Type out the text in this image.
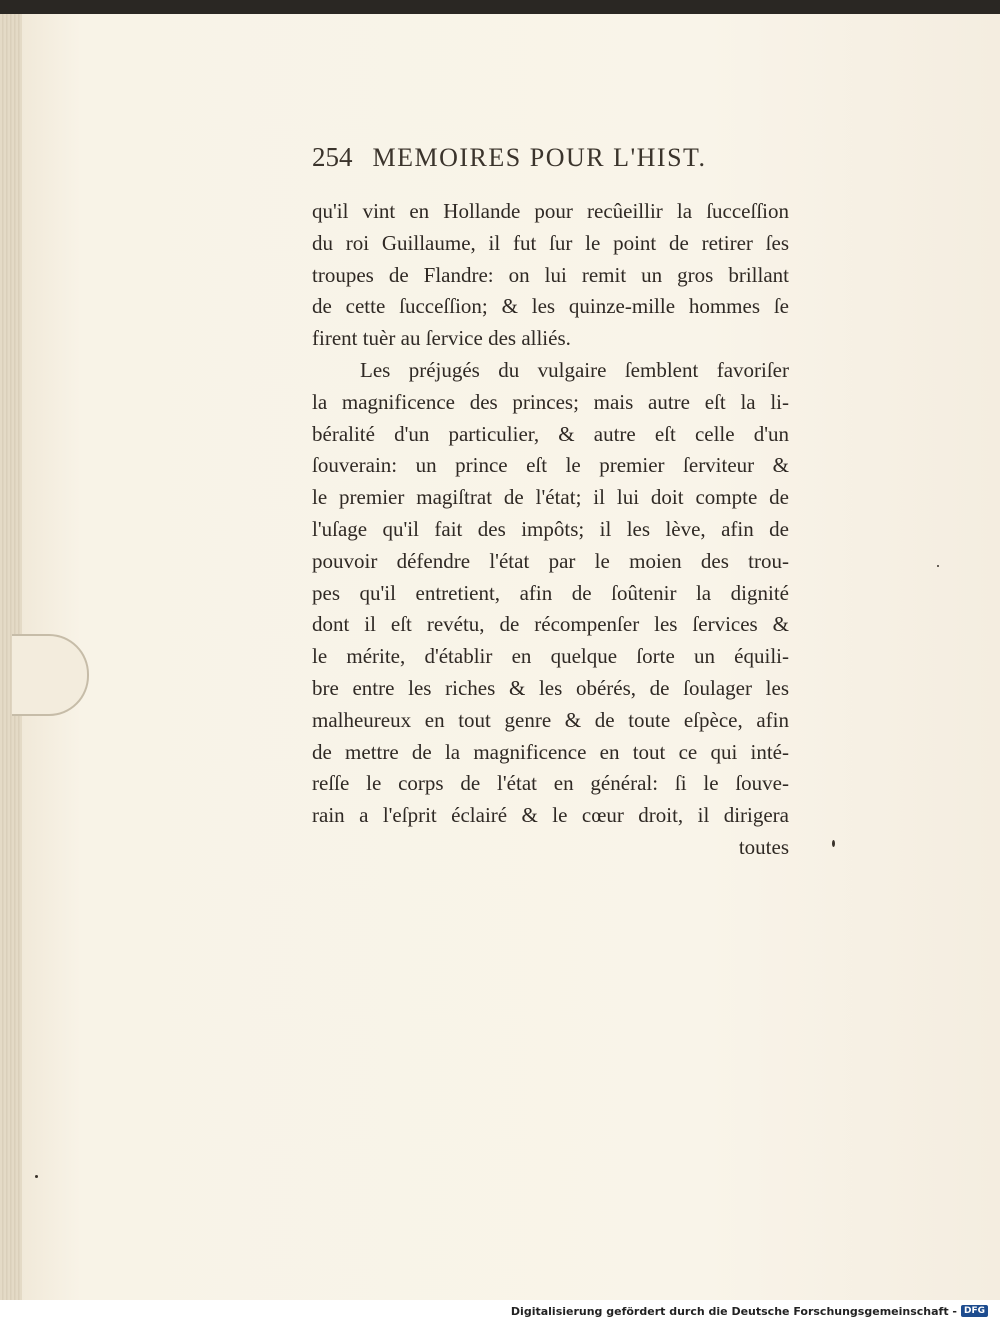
254 MEMOIRES POUR L'HIST.
qu'il vint en Hollande pour recûeillir la ſucceſſion
du roi Guillaume, il fut ſur le point de retirer ſes
troupes de Flandre: on lui remit un gros brillant
de cette ſucceſſion; & les quinze-mille hommes ſe
firent tuèr au ſervice des alliés.
Les préjugés du vulgaire ſemblent favoriſer
la magnificence des princes; mais autre eſt la li-
béralité d'un particulier, & autre eſt celle d'un
ſouverain: un prince eſt le premier ſerviteur &
le premier magiſtrat de l'état; il lui doit compte de
l'uſage qu'il fait des impôts; il les lève, afin de
pouvoir défendre l'état par le moien des trou-
pes qu'il entretient, afin de ſoûtenir la dignité
dont il eſt revétu, de récompenſer les ſervices &
le mérite, d'établir en quelque ſorte un équili-
bre entre les riches & les obérés, de ſoulager les
malheureux en tout genre & de toute eſpèce, afin
de mettre de la magnificence en tout ce qui inté-
reſſe le corps de l'état en général: ſi le ſouve-
rain a l'eſprit éclairé & le cœur droit, il dirigera
toutes
Digitalisierung gefördert durch die Deutsche Forschungsgemeinschaft - DFG
